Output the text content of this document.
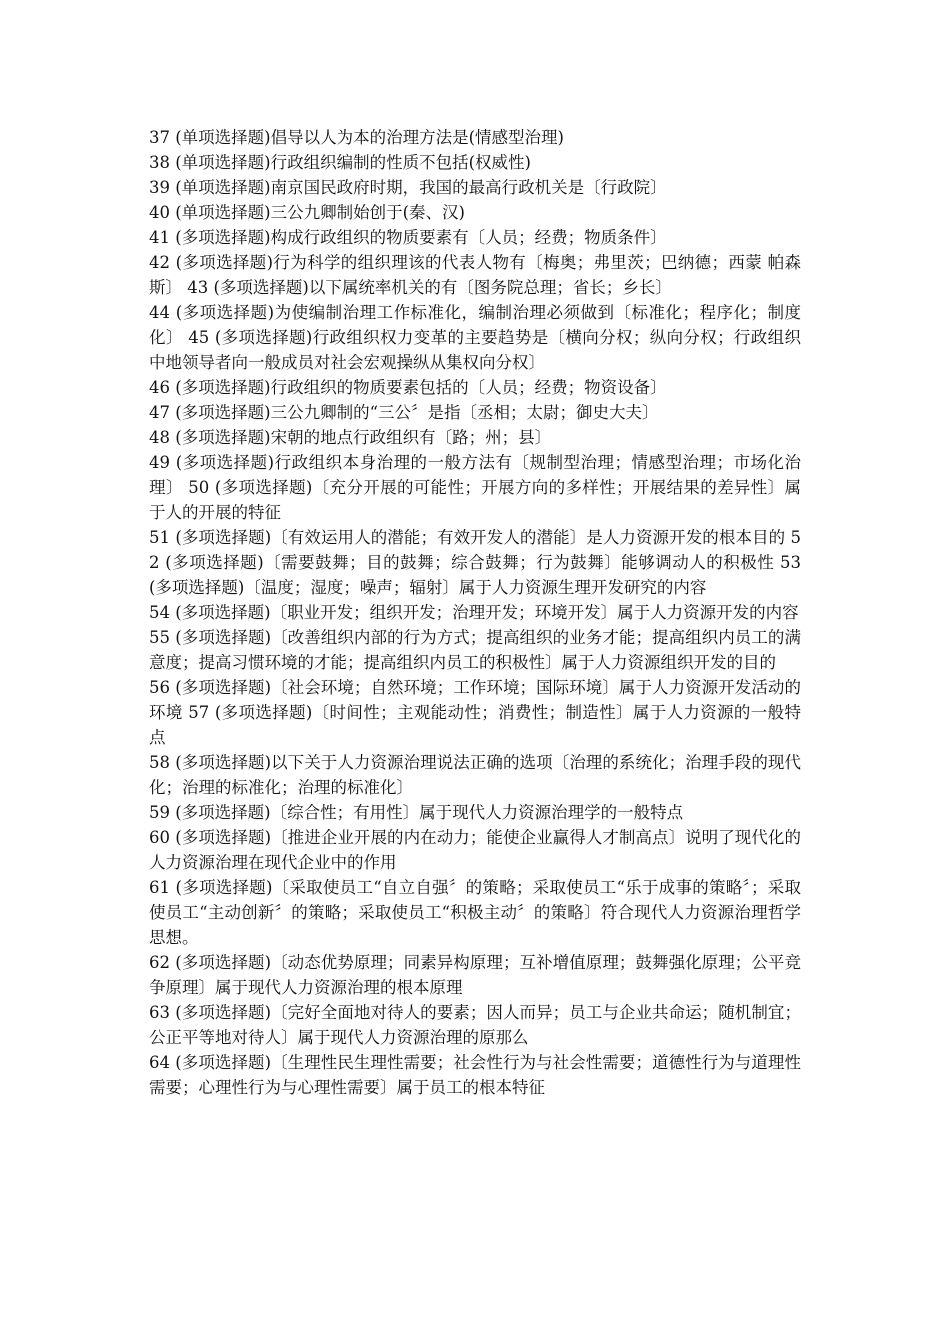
37 (单项选择题)倡导以人为本的治理方法是(情感型治理)

38 (单项选择题)行政组织编制的性质不包括(权威性)

39 (单项选择题)南京国民政府时期，我国的最高行政机关是〔行政院〕

40 (单项选择题)三公九卿制始创于(秦、汉)

41 (多项选择题)构成行政组织的物质要素有〔人员；经费；物质条件〕

42 (多项选择题)行为科学的组织理该的代表人物有〔梅奥；弗里茨；巴纳德；西蒙 帕森斯〕 43 (多项选择题)以下属统率机关的有〔图务院总理；省长；乡长〕

44 (多项选择题)为使编制治理工作标准化，编制治理必须做到〔标准化；程序化；制度化〕 45 (多项选择题)行政组织权力变革的主要趋势是〔横向分权；纵向分权；行政组织中地领导者向一般成员对社会宏观操纵从集权向分权〕

46 (多项选择题)行政组织的物质要素包括的〔人员；经费；物资设备〕

47 (多项选择题)三公九卿制的“三公〞是指〔丞相；太尉；御史大夫〕

48 (多项选择题)宋朝的地点行政组织有〔路；州；县〕

49 (多项选择题)行政组织本身治理的一般方法有〔规制型治理；情感型治理；市场化治理〕 50 (多项选择题)〔充分开展的可能性；开展方向的多样性；开展结果的差异性〕属于人的开展的特征

51 (多项选择题)〔有效运用人的潜能；有效开发人的潜能〕是人力资源开发的根本目的 52 (多项选择题)〔需要鼓舞；目的鼓舞；综合鼓舞；行为鼓舞〕能够调动人的积极性 53 (多项选择题)〔温度；湿度；噪声；辐射〕属于人力资源生理开发研究的内容

54 (多项选择题)〔职业开发；组织开发；治理开发；环境开发〕属于人力资源开发的内容

55 (多项选择题)〔改善组织内部的行为方式；提高组织的业务才能；提高组织内员工的满意度；提高习惯环境的才能；提高组织内员工的积极性〕属于人力资源组织开发的目的

56 (多项选择题)〔社会环境；自然环境；工作环境；国际环境〕属于人力资源开发活动的环境 57 (多项选择题)〔时间性；主观能动性；消费性；制造性〕属于人力资源的一般特点

58 (多项选择题)以下关于人力资源治理说法正确的选项〔治理的系统化；治理手段的现代化；治理的标准化；治理的标准化〕

59 (多项选择题)〔综合性；有用性〕属于现代人力资源治理学的一般特点

60 (多项选择题)〔推进企业开展的内在动力；能使企业赢得人才制高点〕说明了现代化的人力资源治理在现代企业中的作用

61 (多项选择题)〔采取使员工“自立自强〞的策略；采取使员工“乐于成事的策略〞；采取使员工“主动创新〞的策略；采取使员工“积极主动〞的策略〕符合现代人力资源治理哲学思想。

62 (多项选择题)〔动态优势原理；同素异构原理；互补增值原理；鼓舞强化原理；公平竞争原理〕属于现代人力资源治理的根本原理

63 (多项选择题)〔完好全面地对待人的要素；因人而异；员工与企业共命运；随机制宜；公正平等地对待人〕属于现代人力资源治理的原那么

64 (多项选择题)〔生理性民生理性需要；社会性行为与社会性需要；道德性行为与道理性需要；心理性行为与心理性需要〕属于员工的根本特征
